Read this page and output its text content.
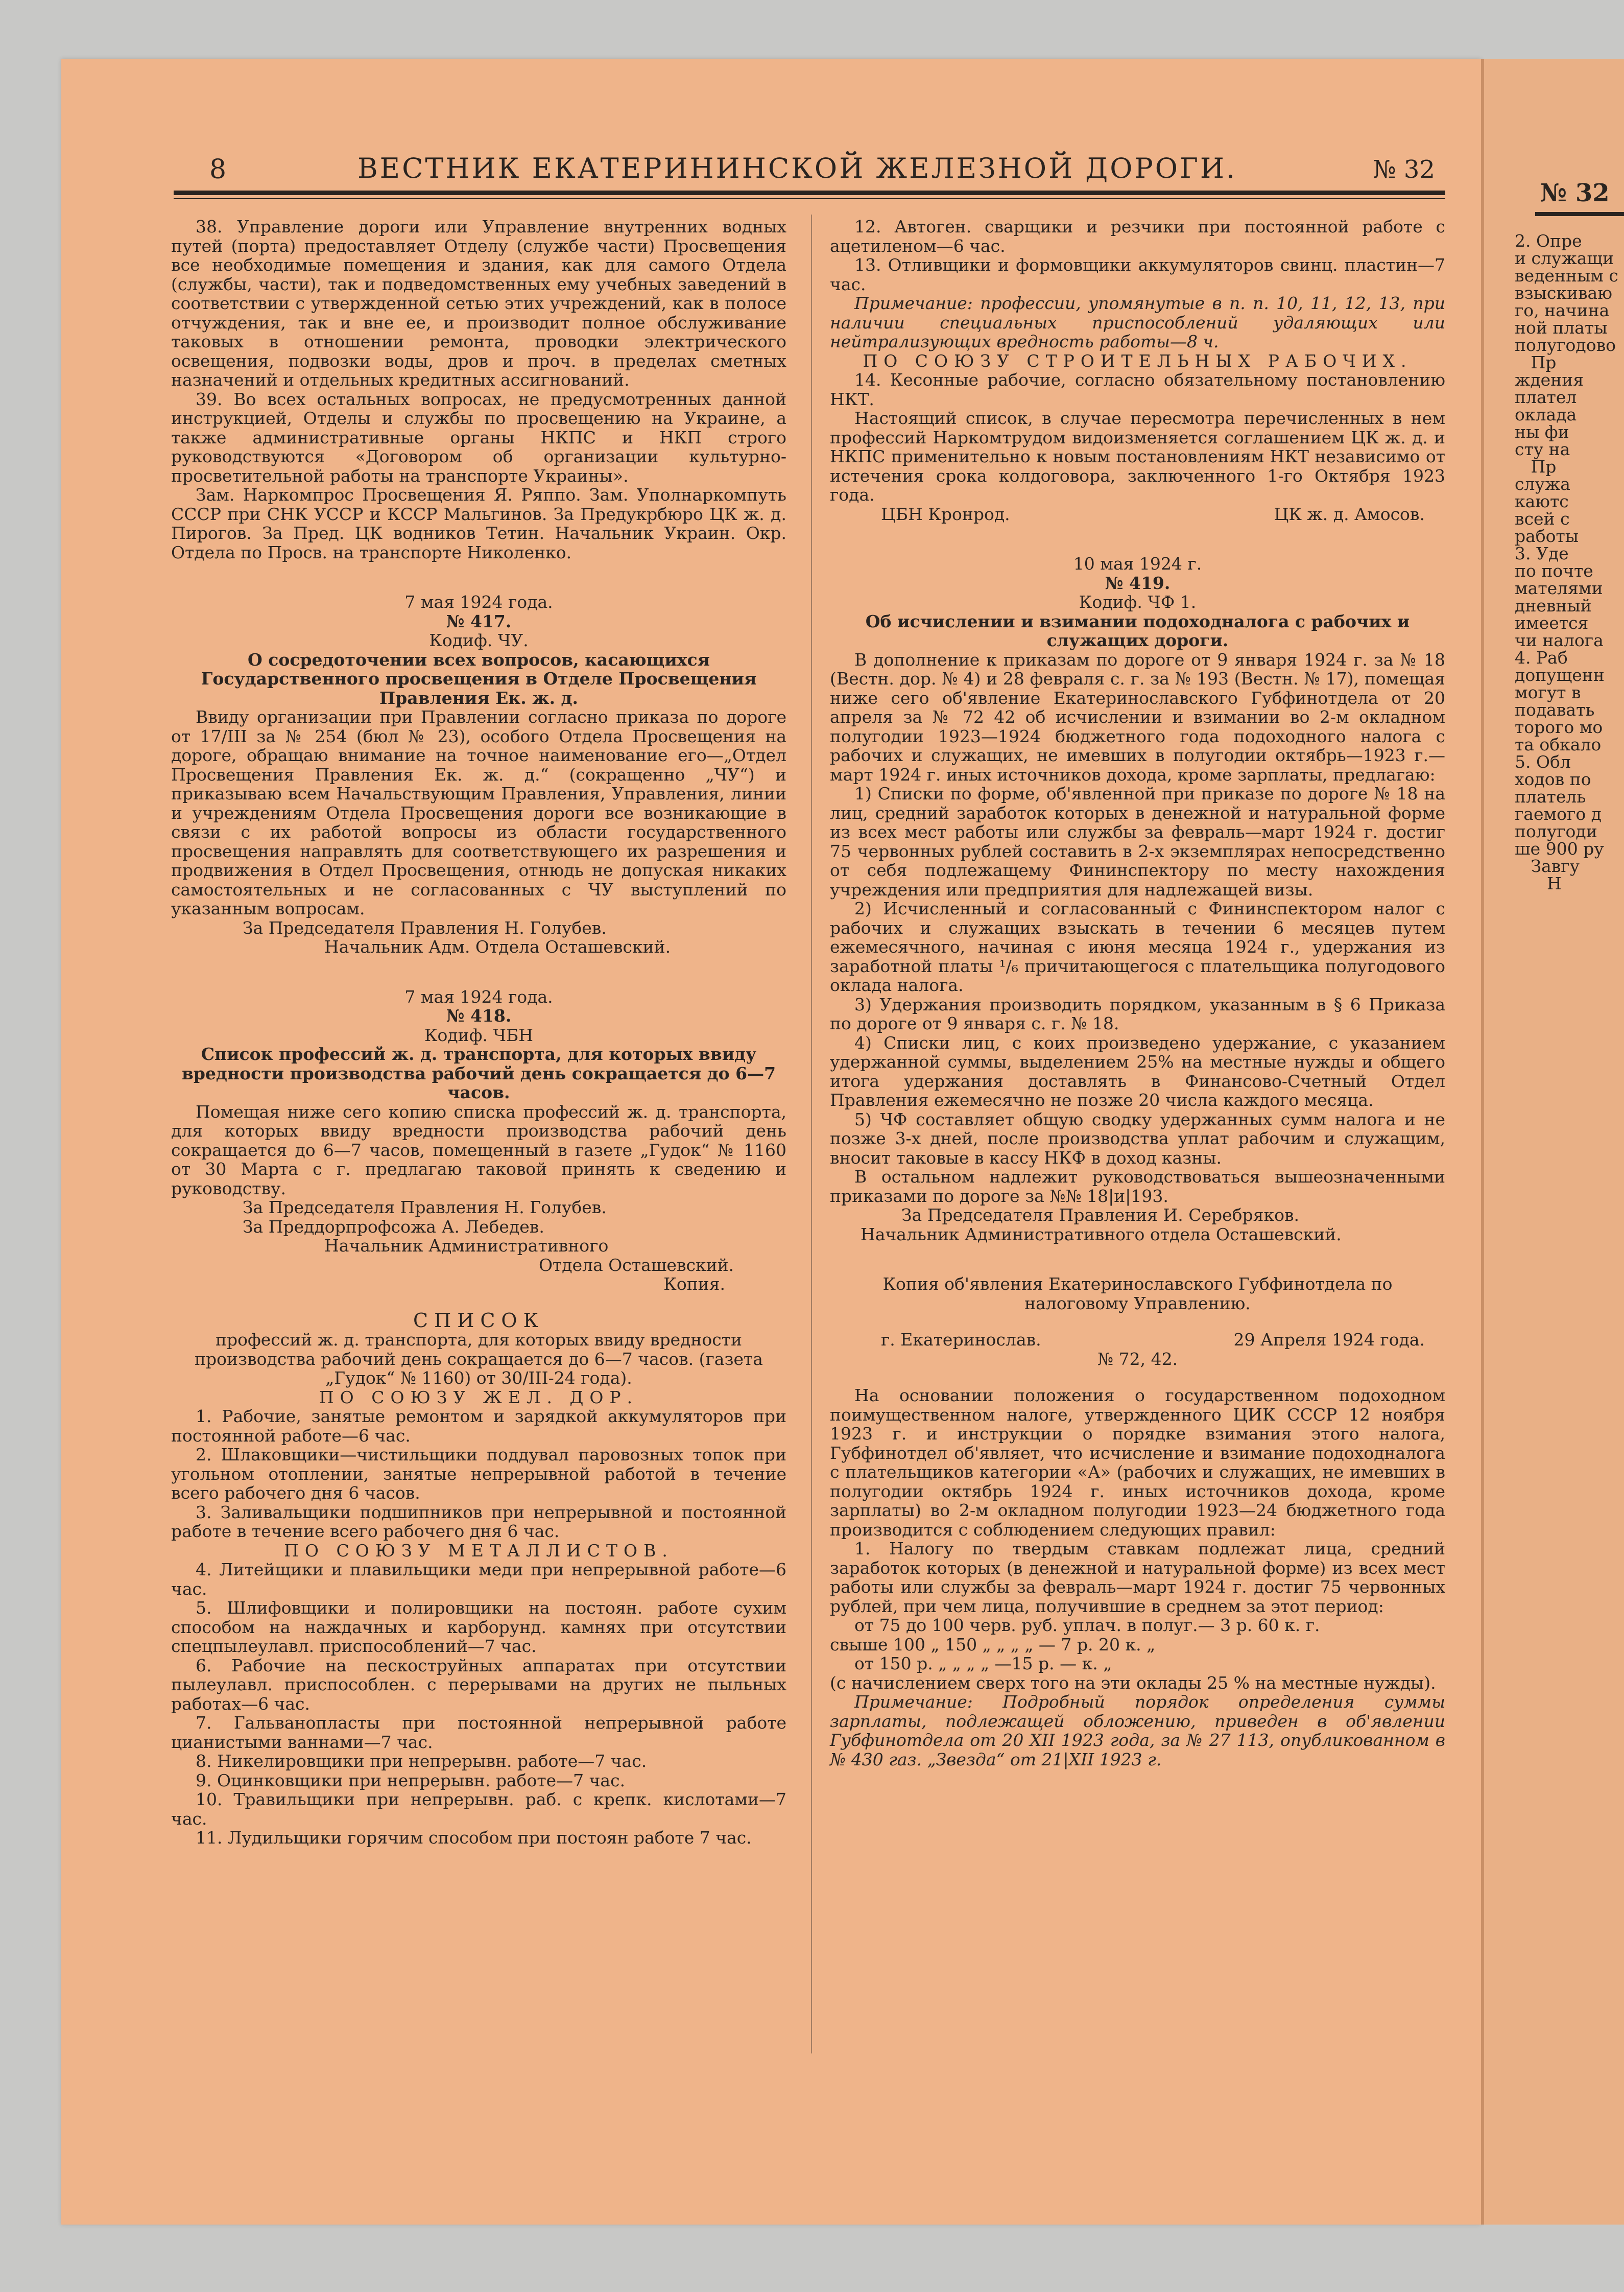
№ 32
2. Опре
и служащи
веденным с
взыскиваю
го, начина
ной платы
полугодово
Пр
ждения
плател
оклада
ны фи
сту на
Пр
служа
каютс
всей с
работы
3. Уде
по почте
мателями
дневный
имеется
чи налога
4. Раб
допущенн
могут в
подавать
торого мо
та обкало
5. Обл
ходов по
платель
гаемого д
полугоди
ше 900 ру
Завгу
Н
8	ВЕСТНИК ЕКАТЕРИНИНСКОЙ ЖЕЛЕЗНОЙ ДОРОГИ.	№ 32

38. Управление дороги или Управление внутренних водных путей (порта) предоставляет Отделу (службе части) Просвещения все необходимые помещения и здания, как для самого Отдела (службы, части), так и подведомственных ему учебных заведений в соответствии с утвержденной сетью этих учреждений, как в полосе отчуждения, так и вне ее, и производит полное обслуживание таковых в отношении ремонта, проводки электрического освещения, подвозки воды, дров и проч. в пределах сметных назначений и отдельных кредитных ассигнований.

39. Во всех остальных вопросах, не предусмотренных данной инструкцией, Отделы и службы по просвещению на Украине, а также административные органы НКПС и НКП строго руководствуются «Договором об организации культурно-просветительной работы на транспорте Украины».

Зам. Наркомпрос Просвещения Я. Ряппо. Зам. Уполнаркомпуть СССР при СНК УССР и КССР Мальгинов. За Предукрбюро ЦК ж. д. Пирогов. За Пред. ЦК водников Тетин. Начальник Украин. Окр. Отдела по Просв. на транспорте Николенко.

7 мая 1924 года.

№ 417.

Кодиф. ЧУ.

О сосредоточении всех вопросов, касающихся Государственного просвещения в Отделе Просвещения Правления Ек. ж. д.

Ввиду организации при Правлении согласно приказа по дороге от 17/III за № 254 (бюл № 23), особого Отдела Просвещения на дороге, обращаю внимание на точное наименование его—„Отдел Просвещения Правления Ек. ж. д.“ (сокращенно „ЧУ“) и приказываю всем Начальствующим Правления, Управления, линии и учреждениям Отдела Просвещения дороги все возникающие в связи с их работой вопросы из области государственного просвещения направлять для соответствующего их разрешения и продвижения в Отдел Просвещения, отнюдь не допуская никаких самостоятельных и не согласованных с ЧУ выступлений по указанным вопросам.

За Председателя Правления Н. Голубев.

Начальник Адм. Отдела Осташевский.

7 мая 1924 года.

№ 418.

Кодиф. ЧБН

Список профессий ж. д. транспорта, для которых ввиду вредности производства рабочий день сокращается до 6—7 часов.

Помещая ниже сего копию списка профессий ж. д. транспорта, для которых ввиду вредности производства рабочий день сокращается до 6—7 часов, помещенный в газете „Гудок“ № 1160 от 30 Марта с г. предлагаю таковой принять к сведению и руководству.

За Председателя Правления Н. Голубев.

За Преддорпрофсожа А. Лебедев.

Начальник Административного

Отдела Осташевский.

Копия.

СПИСОК

профессий ж. д. транспорта, для которых ввиду вредности производства рабочий день сокращается до 6—7 часов. (газета „Гудок“ № 1160) от 30/III-24 года).

ПО СОЮЗУ ЖЕЛ. ДОР.

1. Рабочие, занятые ремонтом и зарядкой аккумуляторов при постоянной работе—6 час.

2. Шлаковщики—чистильщики поддувал паровозных топок при угольном отоплении, занятые непрерывной работой в течение всего рабочего дня 6 часов.

3. Заливальщики подшипников при непрерывной и постоянной работе в течение всего рабочего дня 6 час.

ПО СОЮЗУ МЕТАЛЛИСТОВ.

4. Литейщики и плавильщики меди при непрерывной работе—6 час.

5. Шлифовщики и полировщики на постоян. работе сухим способом на наждачных и карборунд. камнях при отсутствии спецпылеулавл. приспособлений—7 час.

6. Рабочие на пескоструйных аппаратах при отсутствии пылеулавл. приспособлен. с перерывами на других не пыльных работах—6 час.

7. Гальванопласты при постоянной непрерывной работе цианистыми ваннами—7 час.

8. Никелировщики при непрерывн. работе—7 час.

9. Оцинковщики при непрерывн. работе—7 час.

10. Травильщики при непрерывн. раб. с крепк. кислотами—7 час.

11. Лудильщики горячим способом при постоян работе 7 час.

12. Автоген. сварщики и резчики при постоянной работе с ацетиленом—6 час.

13. Отливщики и формовщики аккумуляторов свинц. пластин—7 час.

Примечание: профессии, упомянутые в п. п. 10, 11, 12, 13, при наличии специальных приспособлений удаляющих или нейтрализующих вредность работы—8 ч.

ПО СОЮЗУ СТРОИТЕЛЬНЫХ РАБОЧИХ.

14. Кесонные рабочие, согласно обязательному постановлению НКТ.

Настоящий список, в случае пересмотра перечисленных в нем профессий Наркомтрудом видоизменяется соглашением ЦК ж. д. и НКПС применительно к новым постановлениям НКТ независимо от истечения срока колдоговора, заключенного 1-го Октября 1923 года.

ЦБН Кронрод.	ЦК ж. д. Амосов.

10 мая 1924 г.

№ 419.

Кодиф. ЧФ 1.

Об исчислении и взимании подоходналога с рабочих и служащих дороги.

В дополнение к приказам по дороге от 9 января 1924 г. за № 18 (Вестн. дор. № 4) и 28 февраля с. г. за № 193 (Вестн. № 17), помещая ниже сего об'явление Екатеринославского Губфинотдела от 20 апреля за № 72 42 об исчислении и взимании во 2-м окладном полугодии 1923—1924 бюджетного года подоходного налога с рабочих и служащих, не имевших в полугодии октябрь—1923 г.—март 1924 г. иных источников дохода, кроме зарплаты, предлагаю:

1) Списки по форме, об'явленной при приказе по дороге № 18 на лиц, средний заработок которых в денежной и натуральной форме из всех мест работы или службы за февраль—март 1924 г. достиг 75 червонных рублей составить в 2-х экземплярах непосредственно от себя подлежащему Фининспектору по месту нахождения учреждения или предприятия для надлежащей визы.

2) Исчисленный и согласованный с Фининспектором налог с рабочих и служащих взыскать в течении 6 месяцев путем ежемесячного, начиная с июня месяца 1924 г., удержания из заработной платы ¹/₆ причитающегося с плательщика полугодового оклада налога.

3) Удержания производить порядком, указанным в § 6 Приказа по дороге от 9 января с. г. № 18.

4) Списки лиц, с коих произведено удержание, с указанием удержанной суммы, выделением 25% на местные нужды и общего итога удержания доставлять в Финансово-Счетный Отдел Правления ежемесячно не позже 20 числа каждого месяца.

5) ЧФ составляет общую сводку удержанных сумм налога и не позже 3-х дней, после производства уплат рабочим и служащим, вносит таковые в кассу НКФ в доход казны.

В остальном надлежит руководствоваться вышеозначенными приказами по дороге за №№ 18|и|193.

За Председателя Правления И. Серебряков.

Начальник Административного отдела Осташевский.

Копия об'явления Екатеринославского Губфинотдела по налоговому Управлению.

г. Екатеринослав.	29 Апреля 1924 года.

№ 72, 42.

На основании положения о государственном подоходном поимущественном налоге, утвержденного ЦИК СССР 12 ноября 1923 г. и инструкции о порядке взимания этого налога, Губфинотдел об'являет, что исчисление и взимание подоходналога с плательщиков категории «А» (рабочих и служащих, не имевших в полугодии октябрь 1924 г. иных источников дохода, кроме зарплаты) во 2-м окладном полугодии 1923—24 бюджетного года производится с соблюдением следующих правил:

1. Налогу по твердым ставкам подлежат лица, средний заработок которых (в денежной и натуральной форме) из всех мест работы или службы за февраль—март 1924 г. достиг 75 червонных рублей, при чем лица, получившие в среднем за этот период:

от 75 до 100 черв. руб. уплач. в полуг.— 3 р. 60 к. г.

свыше 100 „ 150 „ „ „ „ — 7 р. 20 к. „

от 150 р. „ „ „ „ —15 р. — к. „

(с начислением сверх того на эти оклады 25 % на местные нужды).

Примечание: Подробный порядок определения суммы зарплаты, подлежащей обложению, приведен в об'явлении Губфинотдела от 20 XII 1923 года, за № 27 113, опубликованном в № 430 газ. „Звезда“ от 21|XII 1923 г.
